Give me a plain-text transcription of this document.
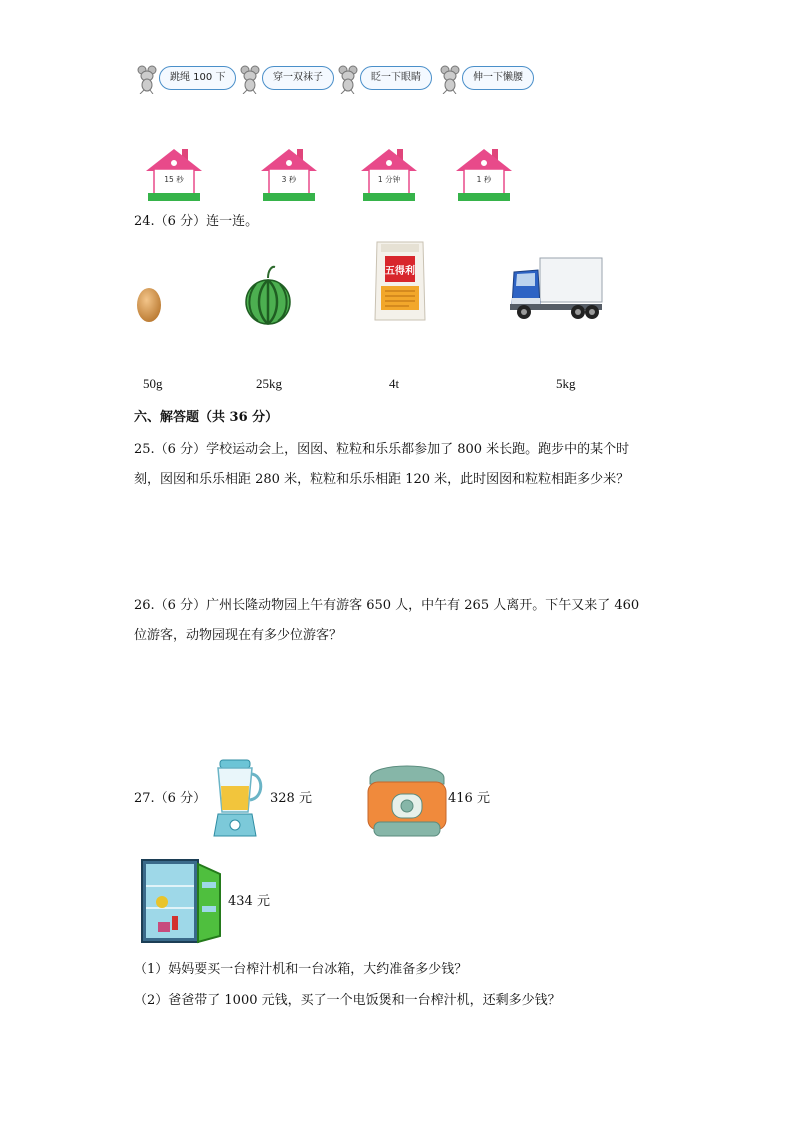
跳绳 100 下	穿一双袜子	眨一下眼睛	伸一下懒腰
15 秒	3 秒	1 分钟	1 秒
24.（6 分）连一连。
五得利
50g	25kg	4t	5kg
六、解答题（共 36 分）
25.（6 分）学校运动会上，囡囡、粒粒和乐乐都参加了 800 米长跑。跑步中的某个时
刻，囡囡和乐乐相距 280 米，粒粒和乐乐相距 120 米，此时囡囡和粒粒相距多少米？
26.（6 分）广州长隆动物园上午有游客 650 人，中午有 265 人离开。下午又来了 460
位游客，动物园现在有多少位游客？
27.（6 分）	328 元	416 元
434 元
（1）妈妈要买一台榨汁机和一台冰箱，大约准备多少钱？
（2）爸爸带了 1000 元钱，买了一个电饭煲和一台榨汁机，还剩多少钱？
